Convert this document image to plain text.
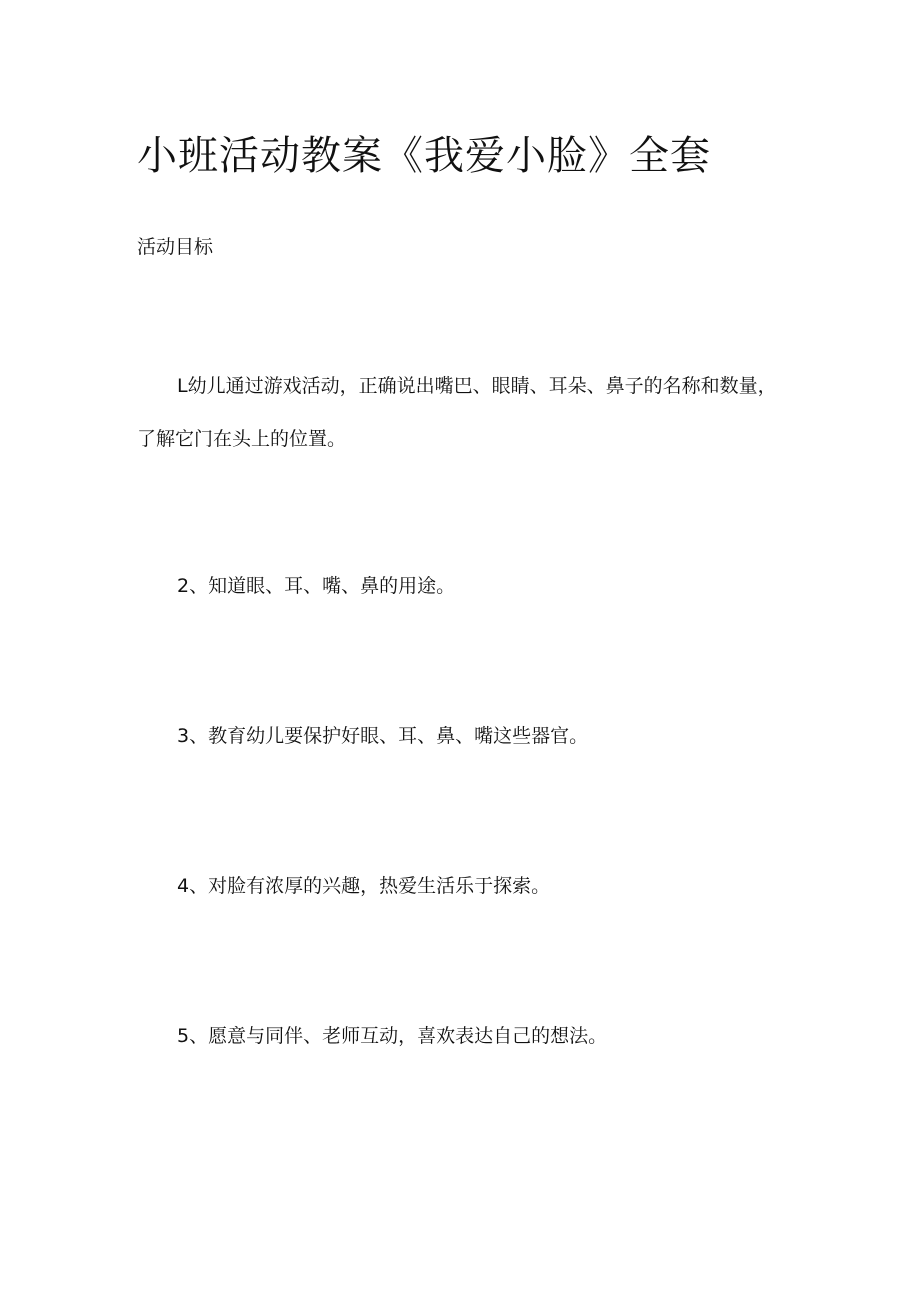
小班活动教案《我爱小脸》全套
活动目标

L幼儿通过游戏活动，正确说出嘴巴、眼睛、耳朵、鼻子的名称和数量，了解它门在头上的位置。

2、知道眼、耳、嘴、鼻的用途。

3、教育幼儿要保护好眼、耳、鼻、嘴这些器官。

4、对脸有浓厚的兴趣，热爱生活乐于探索。

5、愿意与同伴、老师互动，喜欢表达自己的想法。
